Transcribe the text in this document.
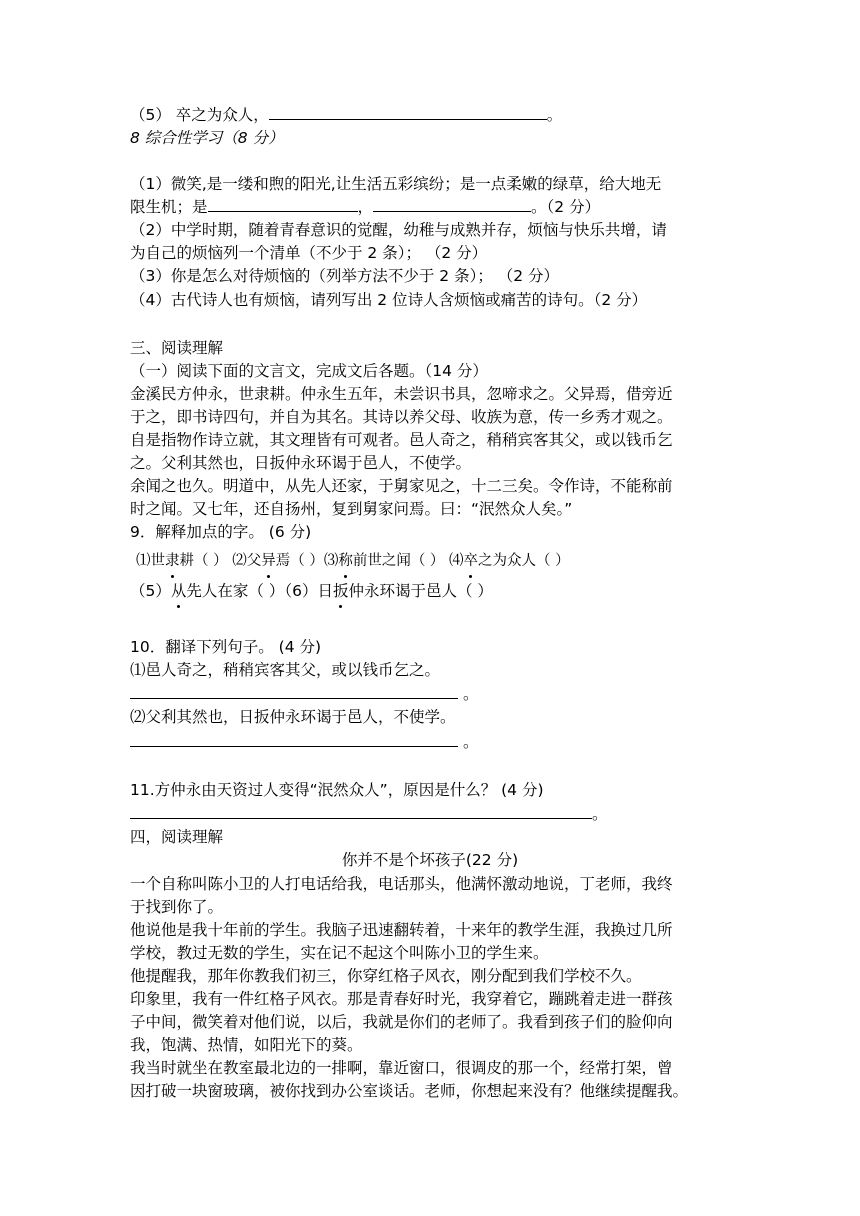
（5） 卒之为众人，	。
8 综合性学习（8 分）
（1）微笑,是一缕和煦的阳光,让生活五彩缤纷；是一点柔嫩的绿草，给大地无
限生机；是	，	。（2 分）
（2）中学时期，随着青春意识的觉醒，幼稚与成熟并存，烦恼与快乐共增，请
为自己的烦恼列一个清单（不少于 2 条）； （2 分）
（3）你是怎么对待烦恼的（列举方法不少于 2 条）； （2 分）
（4）古代诗人也有烦恼，请列写出 2 位诗人含烦恼或痛苦的诗句。（2 分）
三、阅读理解
（一）阅读下面的文言文，完成文后各题。（14 分）
金溪民方仲永，世隶耕。仲永生五年，未尝识书具，忽啼求之。父异焉，借旁近
于之，即书诗四句，并自为其名。其诗以养父母、收族为意，传一乡秀才观之。
自是指物作诗立就，其文理皆有可观者。邑人奇之，稍稍宾客其父，或以钱币乞
之。父利其然也，日扳仲永环谒于邑人，不使学。
余闻之也久。明道中，从先人还家，于舅家见之，十二三矣。令作诗，不能称前
时之闻。又七年，还自扬州，复到舅家问焉。曰：“泯然众人矣。”
9．解释加点的字。 (6 分)
⑴世隶耕（ ） ⑵父异焉（ ）⑶称前世之闻（ ） ⑷卒之为众人（ ）
（5）从先人在家（ ）（6）日扳仲永环谒于邑人（ ）
10．翻译下列句子。 (4 分)
⑴邑人奇之，稍稍宾客其父，或以钱币乞之。
。
⑵父利其然也，日扳仲永环谒于邑人，不使学。
。
11.方仲永由天资过人变得“泯然众人”，原因是什么？ (4 分)
。
四，阅读理解
你并不是个坏孩子(22 分)
一个自称叫陈小卫的人打电话给我，电话那头，他满怀激动地说，丁老师，我终
于找到你了。
他说他是我十年前的学生。我脑子迅速翻转着，十来年的教学生涯，我换过几所
学校，教过无数的学生，实在记不起这个叫陈小卫的学生来。
他提醒我，那年你教我们初三，你穿红格子风衣，刚分配到我们学校不久。
印象里，我有一件红格子风衣。那是青春好时光，我穿着它，蹦跳着走进一群孩
子中间，微笑着对他们说，以后，我就是你们的老师了。我看到孩子们的脸仰向
我，饱满、热情，如阳光下的葵。
我当时就坐在教室最北边的一排啊，靠近窗口，很调皮的那一个，经常打架，曾
因打破一块窗玻璃，被你找到办公室谈话。老师，你想起来没有？他继续提醒我。
